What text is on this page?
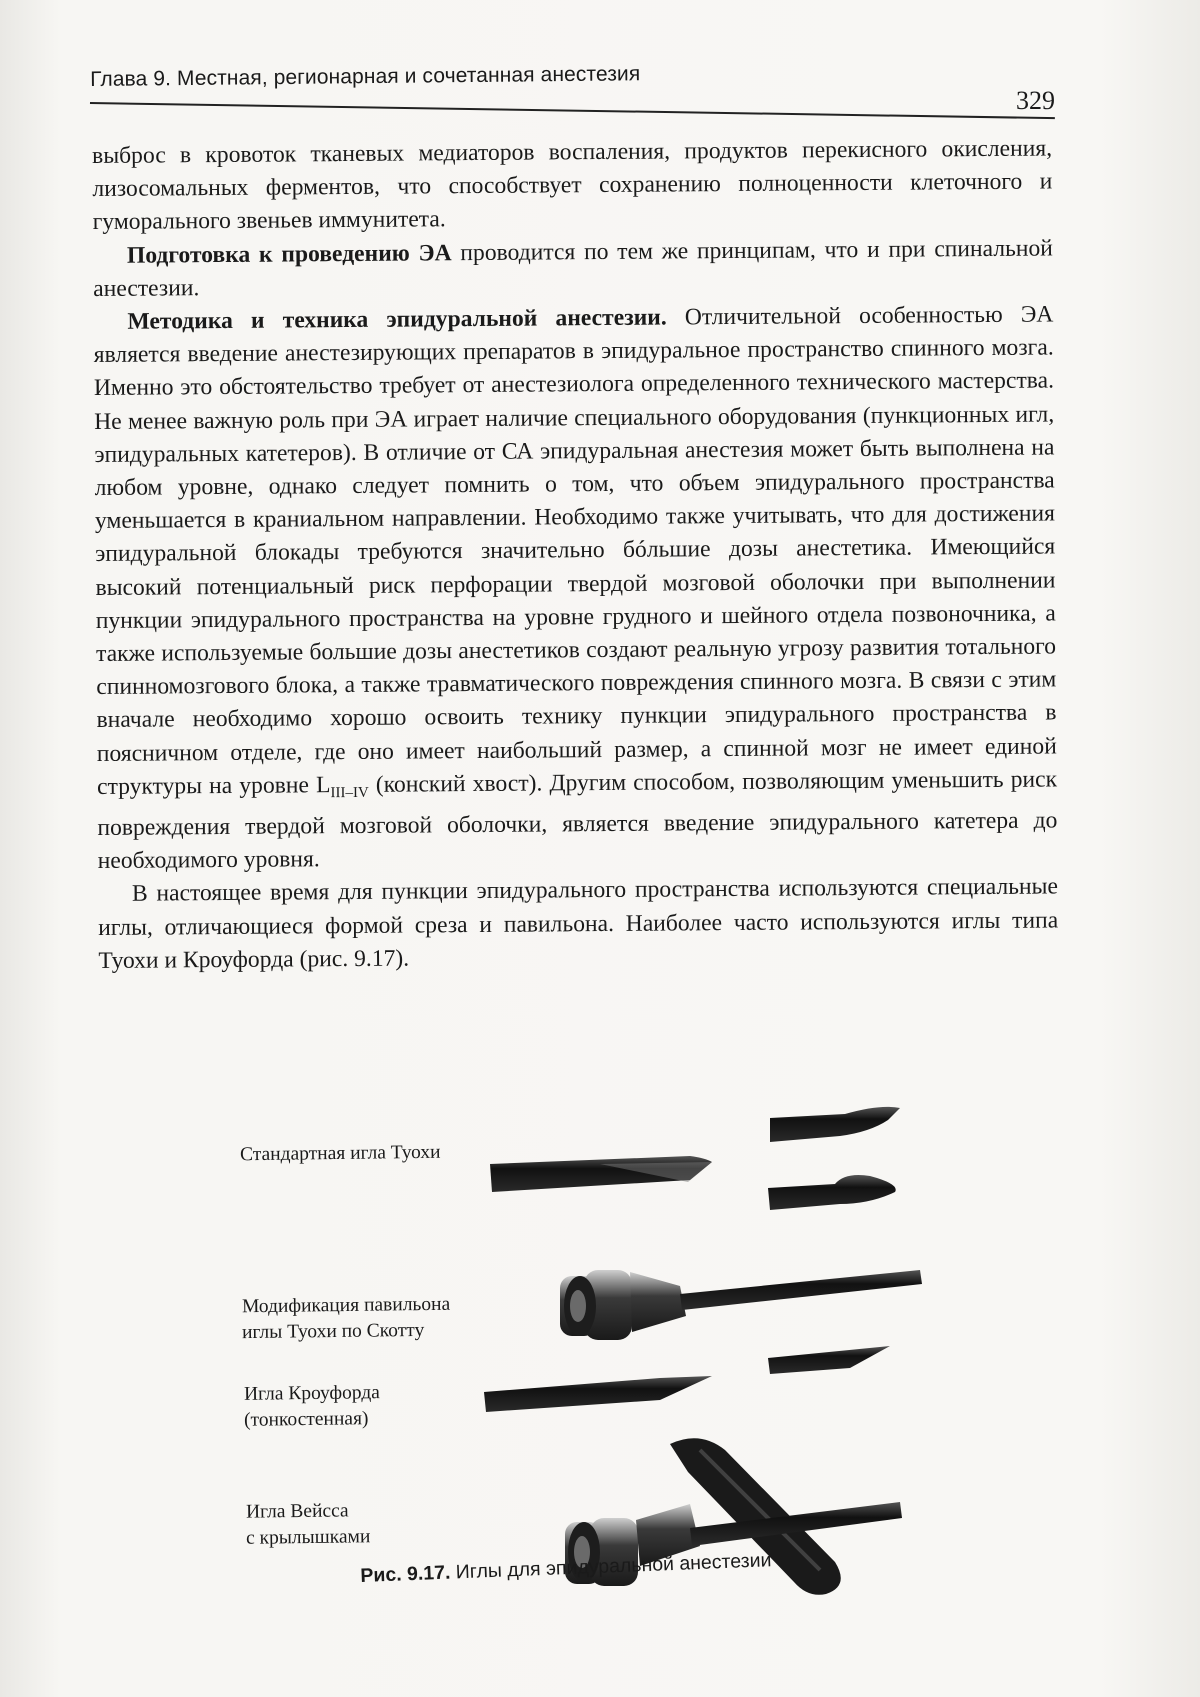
Глава 9. Местная, регионарная и сочетанная анестезия
329

выброс в кровоток тканевых медиаторов воспаления, продуктов перекисного окисления, лизосомальных ферментов, что способствует сохранению полноценности клеточного и гуморального звеньев иммунитета.

Подготовка к проведению ЭА проводится по тем же принципам, что и при спинальной анестезии.

Методика и техника эпидуральной анестезии. Отличительной особенностью ЭА является введение анестезирующих препаратов в эпидуральное пространство спинного мозга. Именно это обстоятельство требует от анестезиолога определенного технического мастерства. Не менее важную роль при ЭА играет наличие специального оборудования (пункционных игл, эпидуральных катетеров). В отличие от СА эпидуральная анестезия может быть выполнена на любом уровне, однако следует помнить о том, что объем эпидурального пространства уменьшается в краниальном направлении. Необходимо также учитывать, что для достижения эпидуральной блокады требуются значительно бóльшие дозы анестетика. Имеющийся высокий потенциальный риск перфорации твердой мозговой оболочки при выполнении пункции эпидурального пространства на уровне грудного и шейного отдела позвоночника, а также используемые большие дозы анестетиков создают реальную угрозу развития тотального спинномозгового блока, а также травматического повреждения спинного мозга. В связи с этим вначале необходимо хорошо освоить технику пункции эпидурального пространства в поясничном отделе, где оно имеет наибольший размер, а спинной мозг не имеет единой структуры на уровне $L_{III-IV}$ (конский хвост). Другим способом, позволяющим уменьшить риск повреждения твердой мозговой оболочки, является введение эпидурального катетера до необходимого уровня.

В настоящее время для пункции эпидурального пространства используются специальные иглы, отличающиеся формой среза и павильона. Наиболее часто используются иглы типа Туохи и Кроуфорда (рис. 9.17).

Стандартная игла Туохи
Модификация павильона
иглы Туохи по Скотту
Игла Кроуфорда
(тонкостенная)
Игла Вейсса
с крылышками
Рис. 9.17. Иглы для эпидуральной анестезии
